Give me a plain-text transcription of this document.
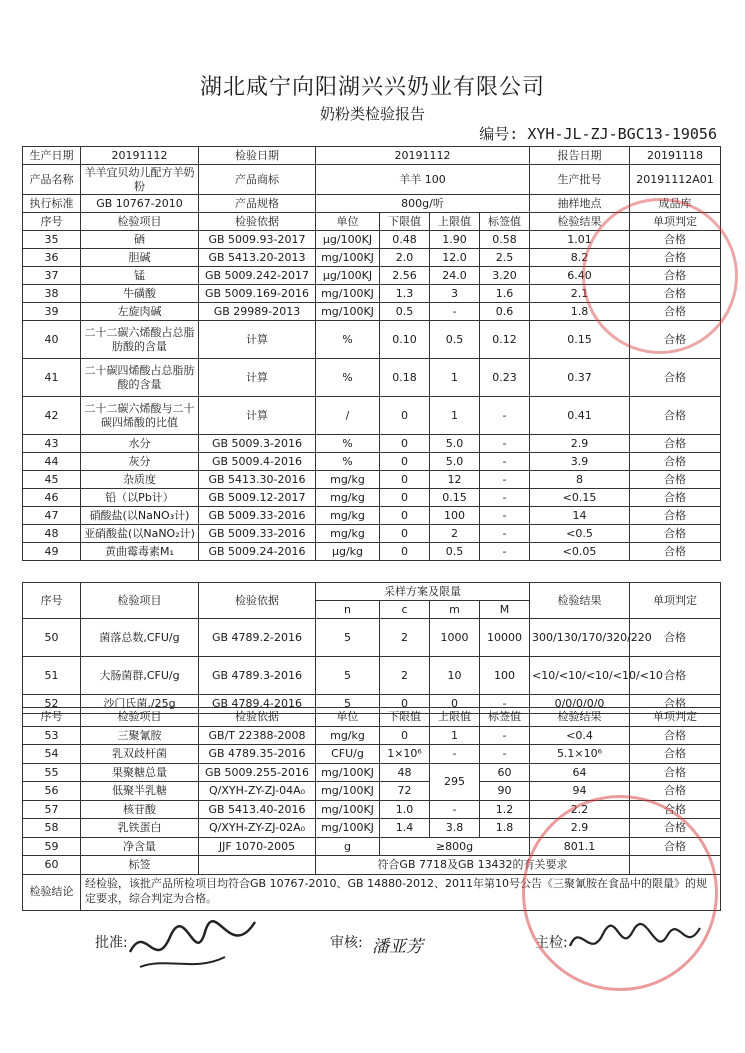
湖北咸宁向阳湖兴兴奶业有限公司
奶粉类检验报告
编号: XYH-JL-ZJ-BGC13-19056
生产日期	20191112	检验日期	20191112				报告日期	20191118
产品名称	羊羊宜贝幼儿配方羊奶粉	产品商标	羊羊 100				生产批号	20191112A01
执行标准	GB 10767-2010	产品规格	800g/听				抽样地点	成品库
序号	检验项目	检验依据	单位	下限值	上限值	标签值	检验结果	单项判定
35	硒	GB 5009.93-2017	μg/100KJ	0.48	1.90	0.58	1.01	合格
36	胆碱	GB 5413.20-2013	mg/100KJ	2.0	12.0	2.5	8.2	合格
37	锰	GB 5009.242-2017	μg/100KJ	2.56	24.0	3.20	6.40	合格
38	牛磺酸	GB 5009.169-2016	mg/100KJ	1.3	3	1.6	2.1	合格
39	左旋肉碱	GB 29989-2013	mg/100KJ	0.5	-	0.6	1.8	合格
40	二十二碳六烯酸占总脂肪酸的含量	计算	%	0.10	0.5	0.12	0.15	合格
41	二十碳四烯酸占总脂肪酸的含量	计算	%	0.18	1	0.23	0.37	合格
42	二十二碳六烯酸与二十碳四烯酸的比值	计算	/	0	1	-	0.41	合格
43	水分	GB 5009.3-2016	%	0	5.0	-	2.9	合格
44	灰分	GB 5009.4-2016	%	0	5.0	-	3.9	合格
45	杂质度	GB 5413.30-2016	mg/kg	0	12	-	8	合格
46	铅（以Pb计）	GB 5009.12-2017	mg/kg	0	0.15	-	<0.15	合格
47	硝酸盐(以NaNO₃计)	GB 5009.33-2016	mg/kg	0	100	-	14	合格
48	亚硝酸盐(以NaNO₂计)	GB 5009.33-2016	mg/kg	0	2	-	<0.5	合格
49	黄曲霉毒素M₁	GB 5009.24-2016	μg/kg	0	0.5	-	<0.05	合格
序号	检验项目	检验依据	采样方案及限量				检验结果	单项判定
			n	c	m	M		
50	菌落总数,CFU/g	GB 4789.2-2016	5	2	1000	10000	300/130/170/320/220	合格
51	大肠菌群,CFU/g	GB 4789.3-2016	5	2	10	100	<10/<10/<10/<10/<10	合格
52	沙门氏菌,/25g	GB 4789.4-2016	5	0	0	-	0/0/0/0/0	合格
序号	检验项目	检验依据	单位	下限值	上限值	标签值	检验结果	单项判定	
53	三聚氰胺	GB/T 22388-2008	mg/kg	0	1	-	<0.4	合格	
54	乳双歧杆菌	GB 4789.35-2016	CFU/g	1×10⁶	-	-	5.1×10⁶	合格	
55	果聚糖总量	GB 5009.255-2016	mg/100KJ	48	295	60	64	合格	
56	低聚半乳糖	Q/XYH-ZY-ZJ-04A₀	mg/100KJ	72		90	94	合格	
57	核苷酸	GB 5413.40-2016	mg/100KJ	1.0	-	1.2	2.2	合格	
58	乳铁蛋白	Q/XYH-ZY-ZJ-02A₀	mg/100KJ	1.4	3.8	1.8	2.9	合格	
59	净含量	JJF 1070-2005	g	≥800g			801.1	合格	
60	标签		符合GB 7718及GB 13432的有关要求		
检验结论	经检验，该批产品所检项目均符合GB 10767-2010、GB 14880-2012、2011年第10号公告《三聚氰胺在食品中的限量》的规定要求，综合判定为合格。								
批准:	审核: 潘亚芳	主检:
